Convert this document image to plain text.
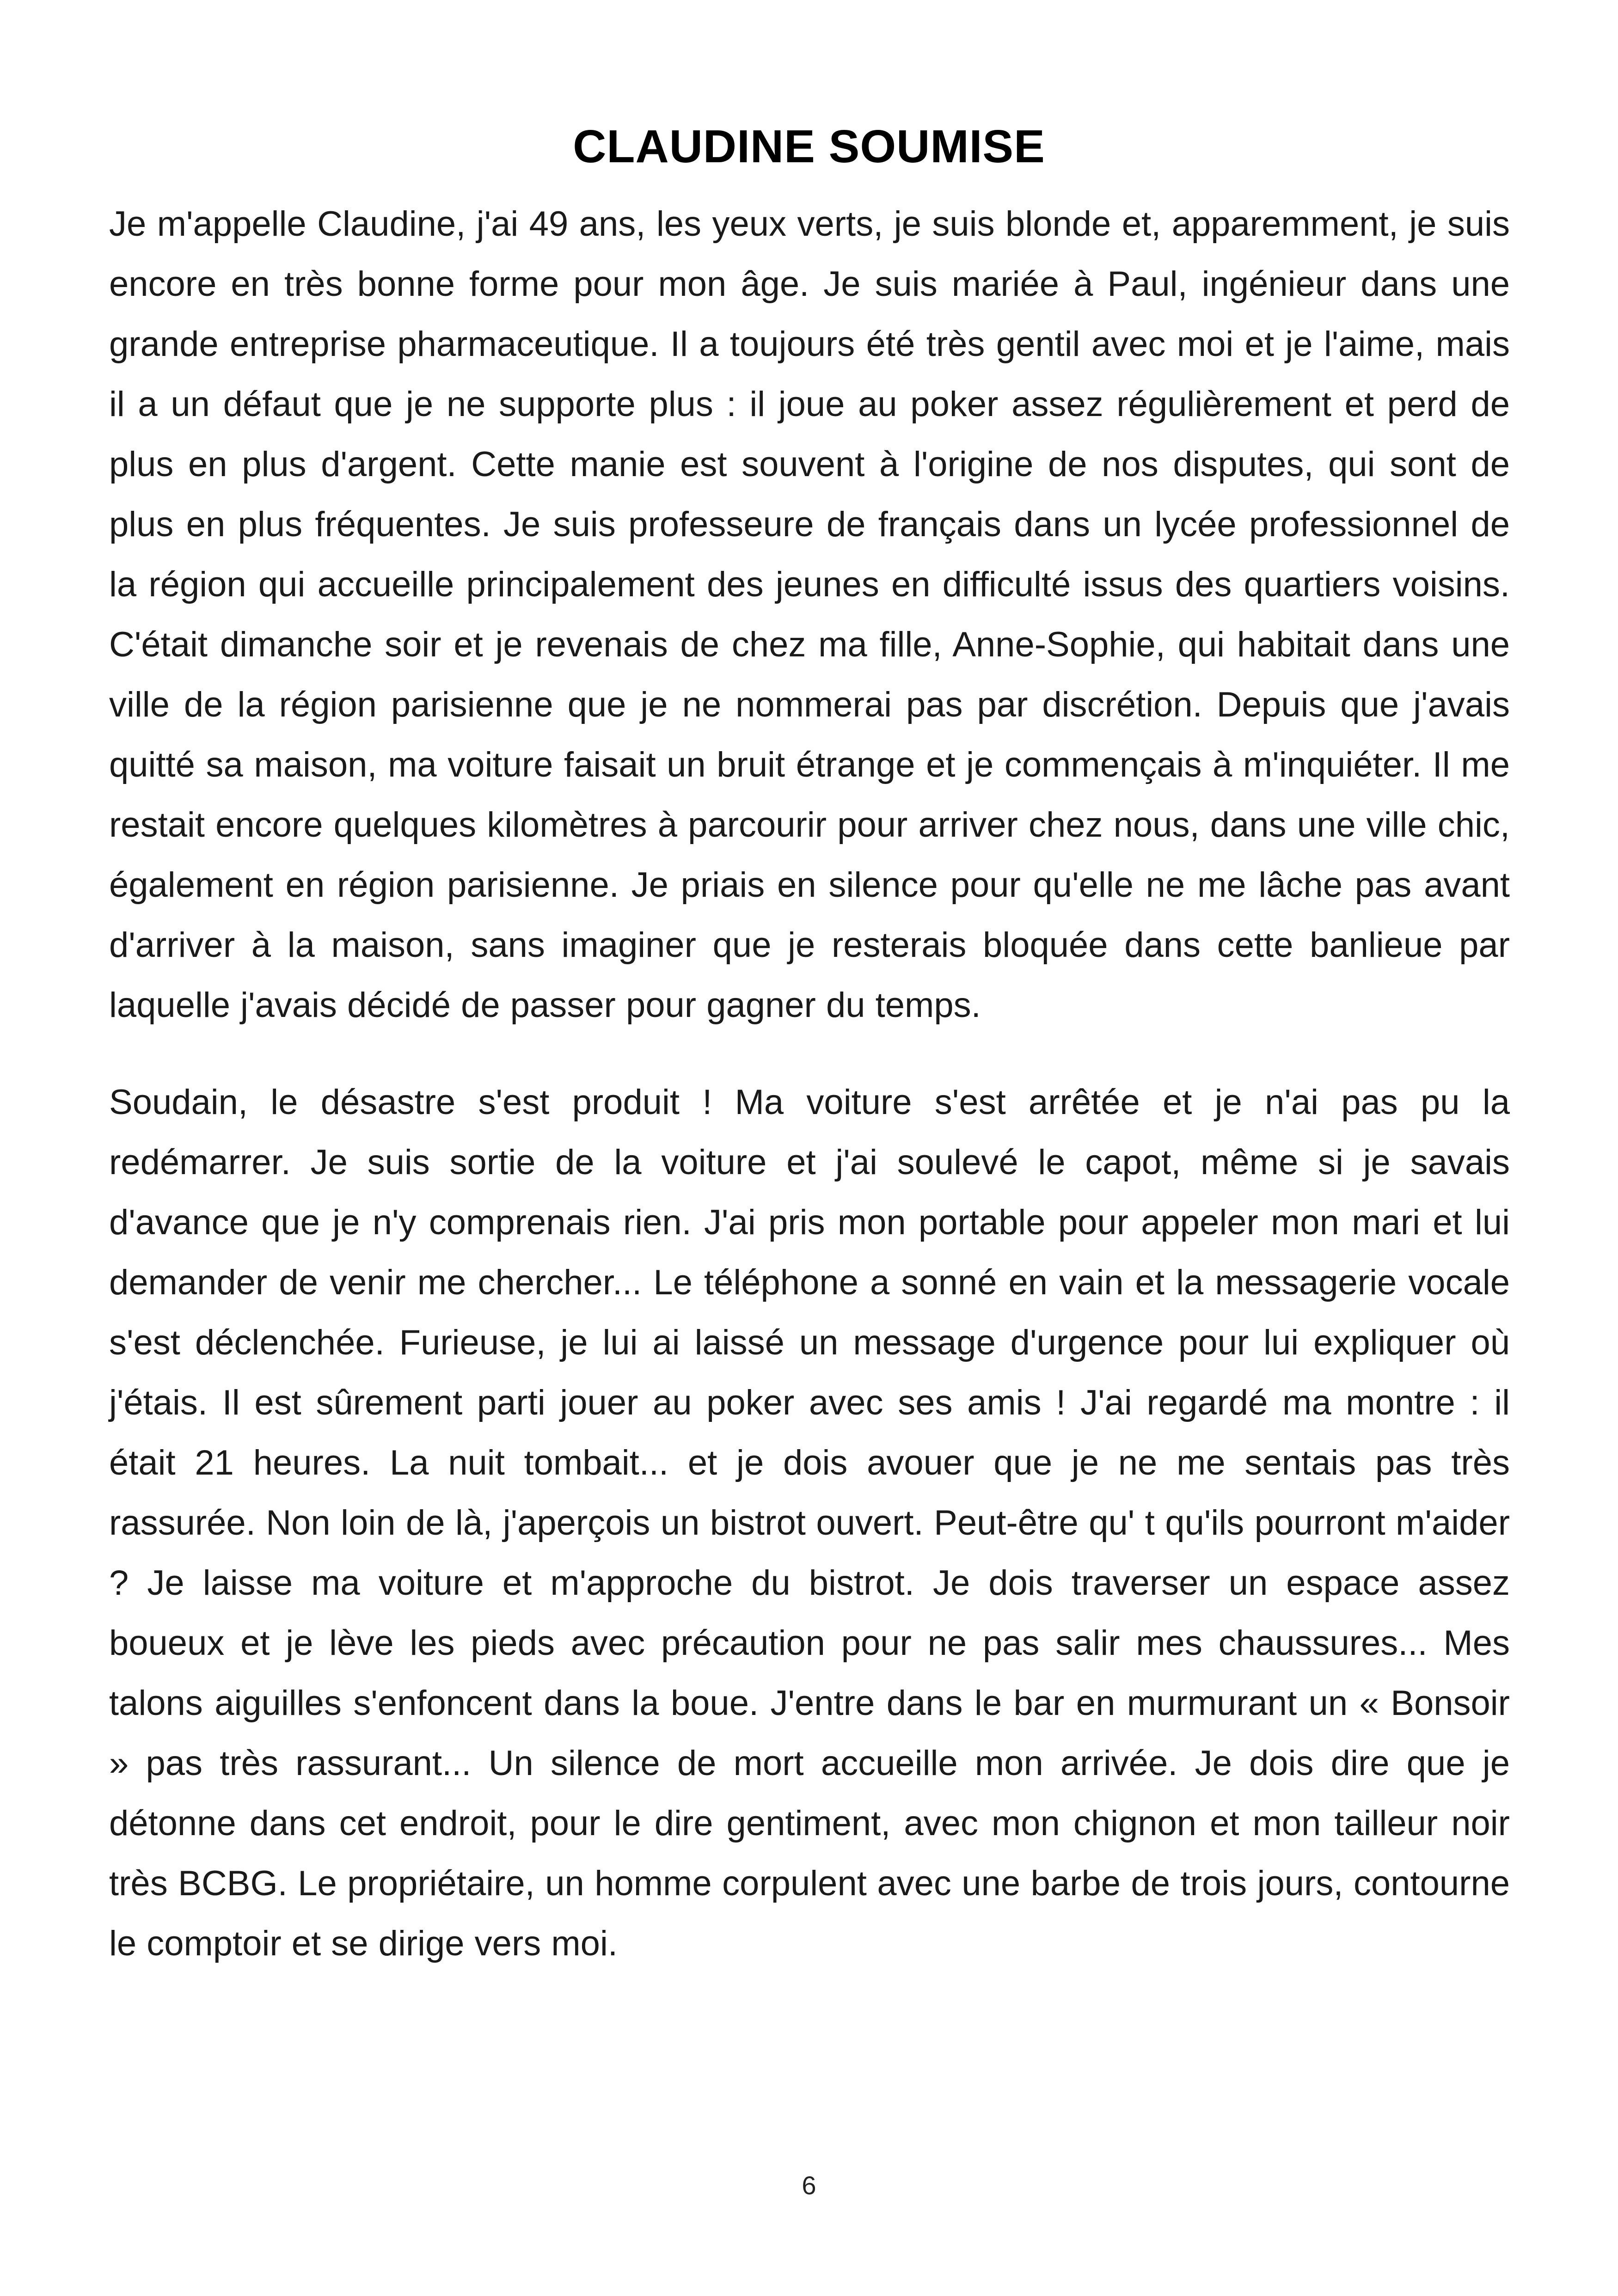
CLAUDINE SOUMISE

Je m'appelle Claudine, j'ai 49 ans, les yeux verts, je suis blonde et, apparemment, je suis encore en très bonne forme pour mon âge. Je suis mariée à Paul, ingénieur dans une grande entreprise pharmaceutique. Il a toujours été très gentil avec moi et je l'aime, mais il a un défaut que je ne supporte plus : il joue au poker assez régulièrement et perd de plus en plus d'argent. Cette manie est souvent à l'origine de nos disputes, qui sont de plus en plus fréquentes. Je suis professeure de français dans un lycée professionnel de la région qui accueille principalement des jeunes en difficulté issus des quartiers voisins. C'était dimanche soir et je revenais de chez ma fille, Anne-Sophie, qui habitait dans une ville de la région parisienne que je ne nommerai pas par discrétion. Depuis que j'avais quitté sa maison, ma voiture faisait un bruit étrange et je commençais à m'inquiéter. Il me restait encore quelques kilomètres à parcourir pour arriver chez nous, dans une ville chic, également en région parisienne. Je priais en silence pour qu'elle ne me lâche pas avant d'arriver à la maison, sans imaginer que je resterais bloquée dans cette banlieue par laquelle j'avais décidé de passer pour gagner du temps.

Soudain, le désastre s'est produit ! Ma voiture s'est arrêtée et je n'ai pas pu la redémarrer. Je suis sortie de la voiture et j'ai soulevé le capot, même si je savais d'avance que je n'y comprenais rien. J'ai pris mon portable pour appeler mon mari et lui demander de venir me chercher... Le téléphone a sonné en vain et la messagerie vocale s'est déclenchée. Furieuse, je lui ai laissé un message d'urgence pour lui expliquer où j'étais. Il est sûrement parti jouer au poker avec ses amis ! J'ai regardé ma montre : il était 21 heures. La nuit tombait... et je dois avouer que je ne me sentais pas très rassurée. Non loin de là, j'aperçois un bistrot ouvert. Peut-être qu' t qu'ils pourront m'aider ? Je laisse ma voiture et m'approche du bistrot. Je dois traverser un espace assez boueux et je lève les pieds avec précaution pour ne pas salir mes chaussures... Mes talons aiguilles s'enfoncent dans la boue. J'entre dans le bar en murmurant un « Bonsoir » pas très rassurant... Un silence de mort accueille mon arrivée. Je dois dire que je détonne dans cet endroit, pour le dire gentiment, avec mon chignon et mon tailleur noir très BCBG. Le propriétaire, un homme corpulent avec une barbe de trois jours, contourne le comptoir et se dirige vers moi.

6
